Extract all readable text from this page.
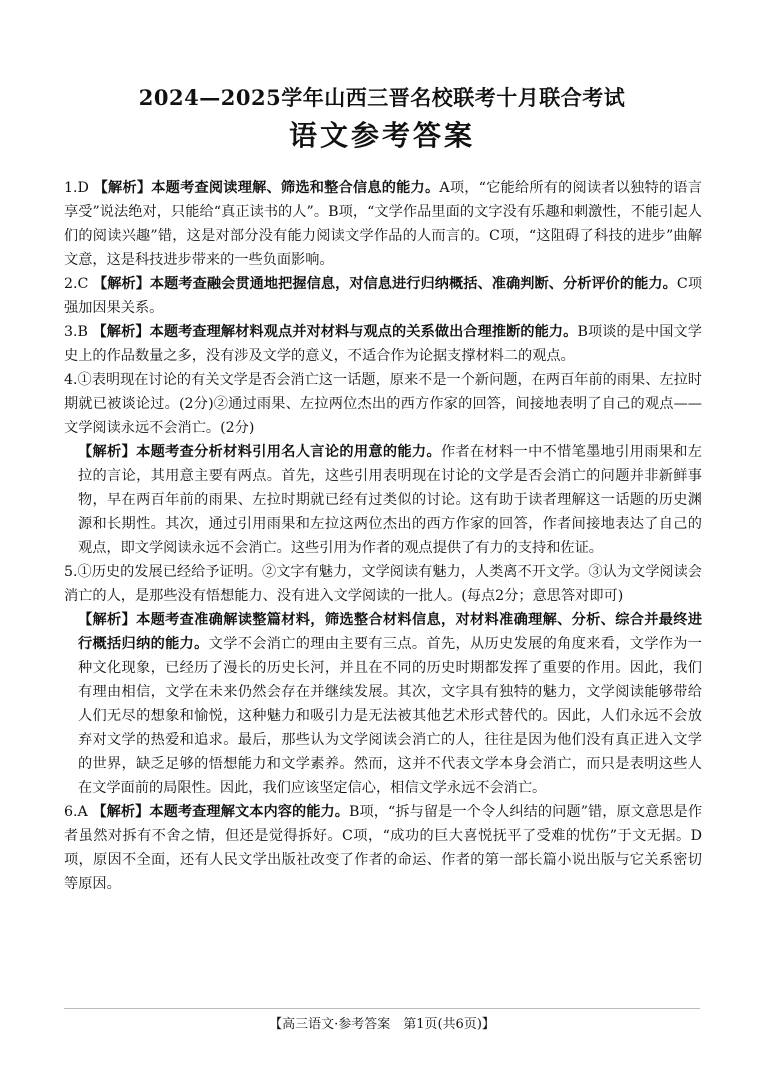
2024—2025学年山西三晋名校联考十月联合考试
语文参考答案
1.D 【解析】本题考查阅读理解、筛选和整合信息的能力。A项，“它能给所有的阅读者以独特的语言享受”说法绝对，只能给“真正读书的人”。B项，“文学作品里面的文字没有乐趣和刺激性，不能引起人们的阅读兴趣”错，这是对部分没有能力阅读文学作品的人而言的。C项，“这阻碍了科技的进步”曲解文意，这是科技进步带来的一些负面影响。
2.C 【解析】本题考查融会贯通地把握信息，对信息进行归纳概括、准确判断、分析评价的能力。C项强加因果关系。
3.B 【解析】本题考查理解材料观点并对材料与观点的关系做出合理推断的能力。B项谈的是中国文学史上的作品数量之多，没有涉及文学的意义，不适合作为论据支撑材料二的观点。
4.①表明现在讨论的有关文学是否会消亡这一话题，原来不是一个新问题，在两百年前的雨果、左拉时期就已被谈论过。(2分)②通过雨果、左拉两位杰出的西方作家的回答，间接地表明了自己的观点——文学阅读永远不会消亡。(2分)
【解析】本题考查分析材料引用名人言论的用意的能力。作者在材料一中不惜笔墨地引用雨果和左拉的言论，其用意主要有两点。首先，这些引用表明现在讨论的文学是否会消亡的问题并非新鲜事物，早在两百年前的雨果、左拉时期就已经有过类似的讨论。这有助于读者理解这一话题的历史渊源和长期性。其次，通过引用雨果和左拉这两位杰出的西方作家的回答，作者间接地表达了自己的观点，即文学阅读永远不会消亡。这些引用为作者的观点提供了有力的支持和佐证。
5.①历史的发展已经给予证明。②文字有魅力，文学阅读有魅力，人类离不开文学。③认为文学阅读会消亡的人，是那些没有悟想能力、没有进入文学阅读的一批人。(每点2分；意思答对即可)
【解析】本题考查准确解读整篇材料，筛选整合材料信息，对材料准确理解、分析、综合并最终进行概括归纳的能力。文学不会消亡的理由主要有三点。首先，从历史发展的角度来看，文学作为一种文化现象，已经历了漫长的历史长河，并且在不同的历史时期都发挥了重要的作用。因此，我们有理由相信，文学在未来仍然会存在并继续发展。其次，文字具有独特的魅力，文学阅读能够带给人们无尽的想象和愉悦，这种魅力和吸引力是无法被其他艺术形式替代的。因此，人们永远不会放弃对文学的热爱和追求。最后，那些认为文学阅读会消亡的人，往往是因为他们没有真正进入文学的世界，缺乏足够的悟想能力和文学素养。然而，这并不代表文学本身会消亡，而只是表明这些人在文学面前的局限性。因此，我们应该坚定信心，相信文学永远不会消亡。
6.A 【解析】本题考查理解文本内容的能力。B项，“拆与留是一个令人纠结的问题”错，原文意思是作者虽然对拆有不舍之情，但还是觉得拆好。C项，“成功的巨大喜悦抚平了受难的忧伤”于文无据。D项，原因不全面，还有人民文学出版社改变了作者的命运、作者的第一部长篇小说出版与它关系密切等原因。
【高三语文·参考答案　第1页(共6页)】
